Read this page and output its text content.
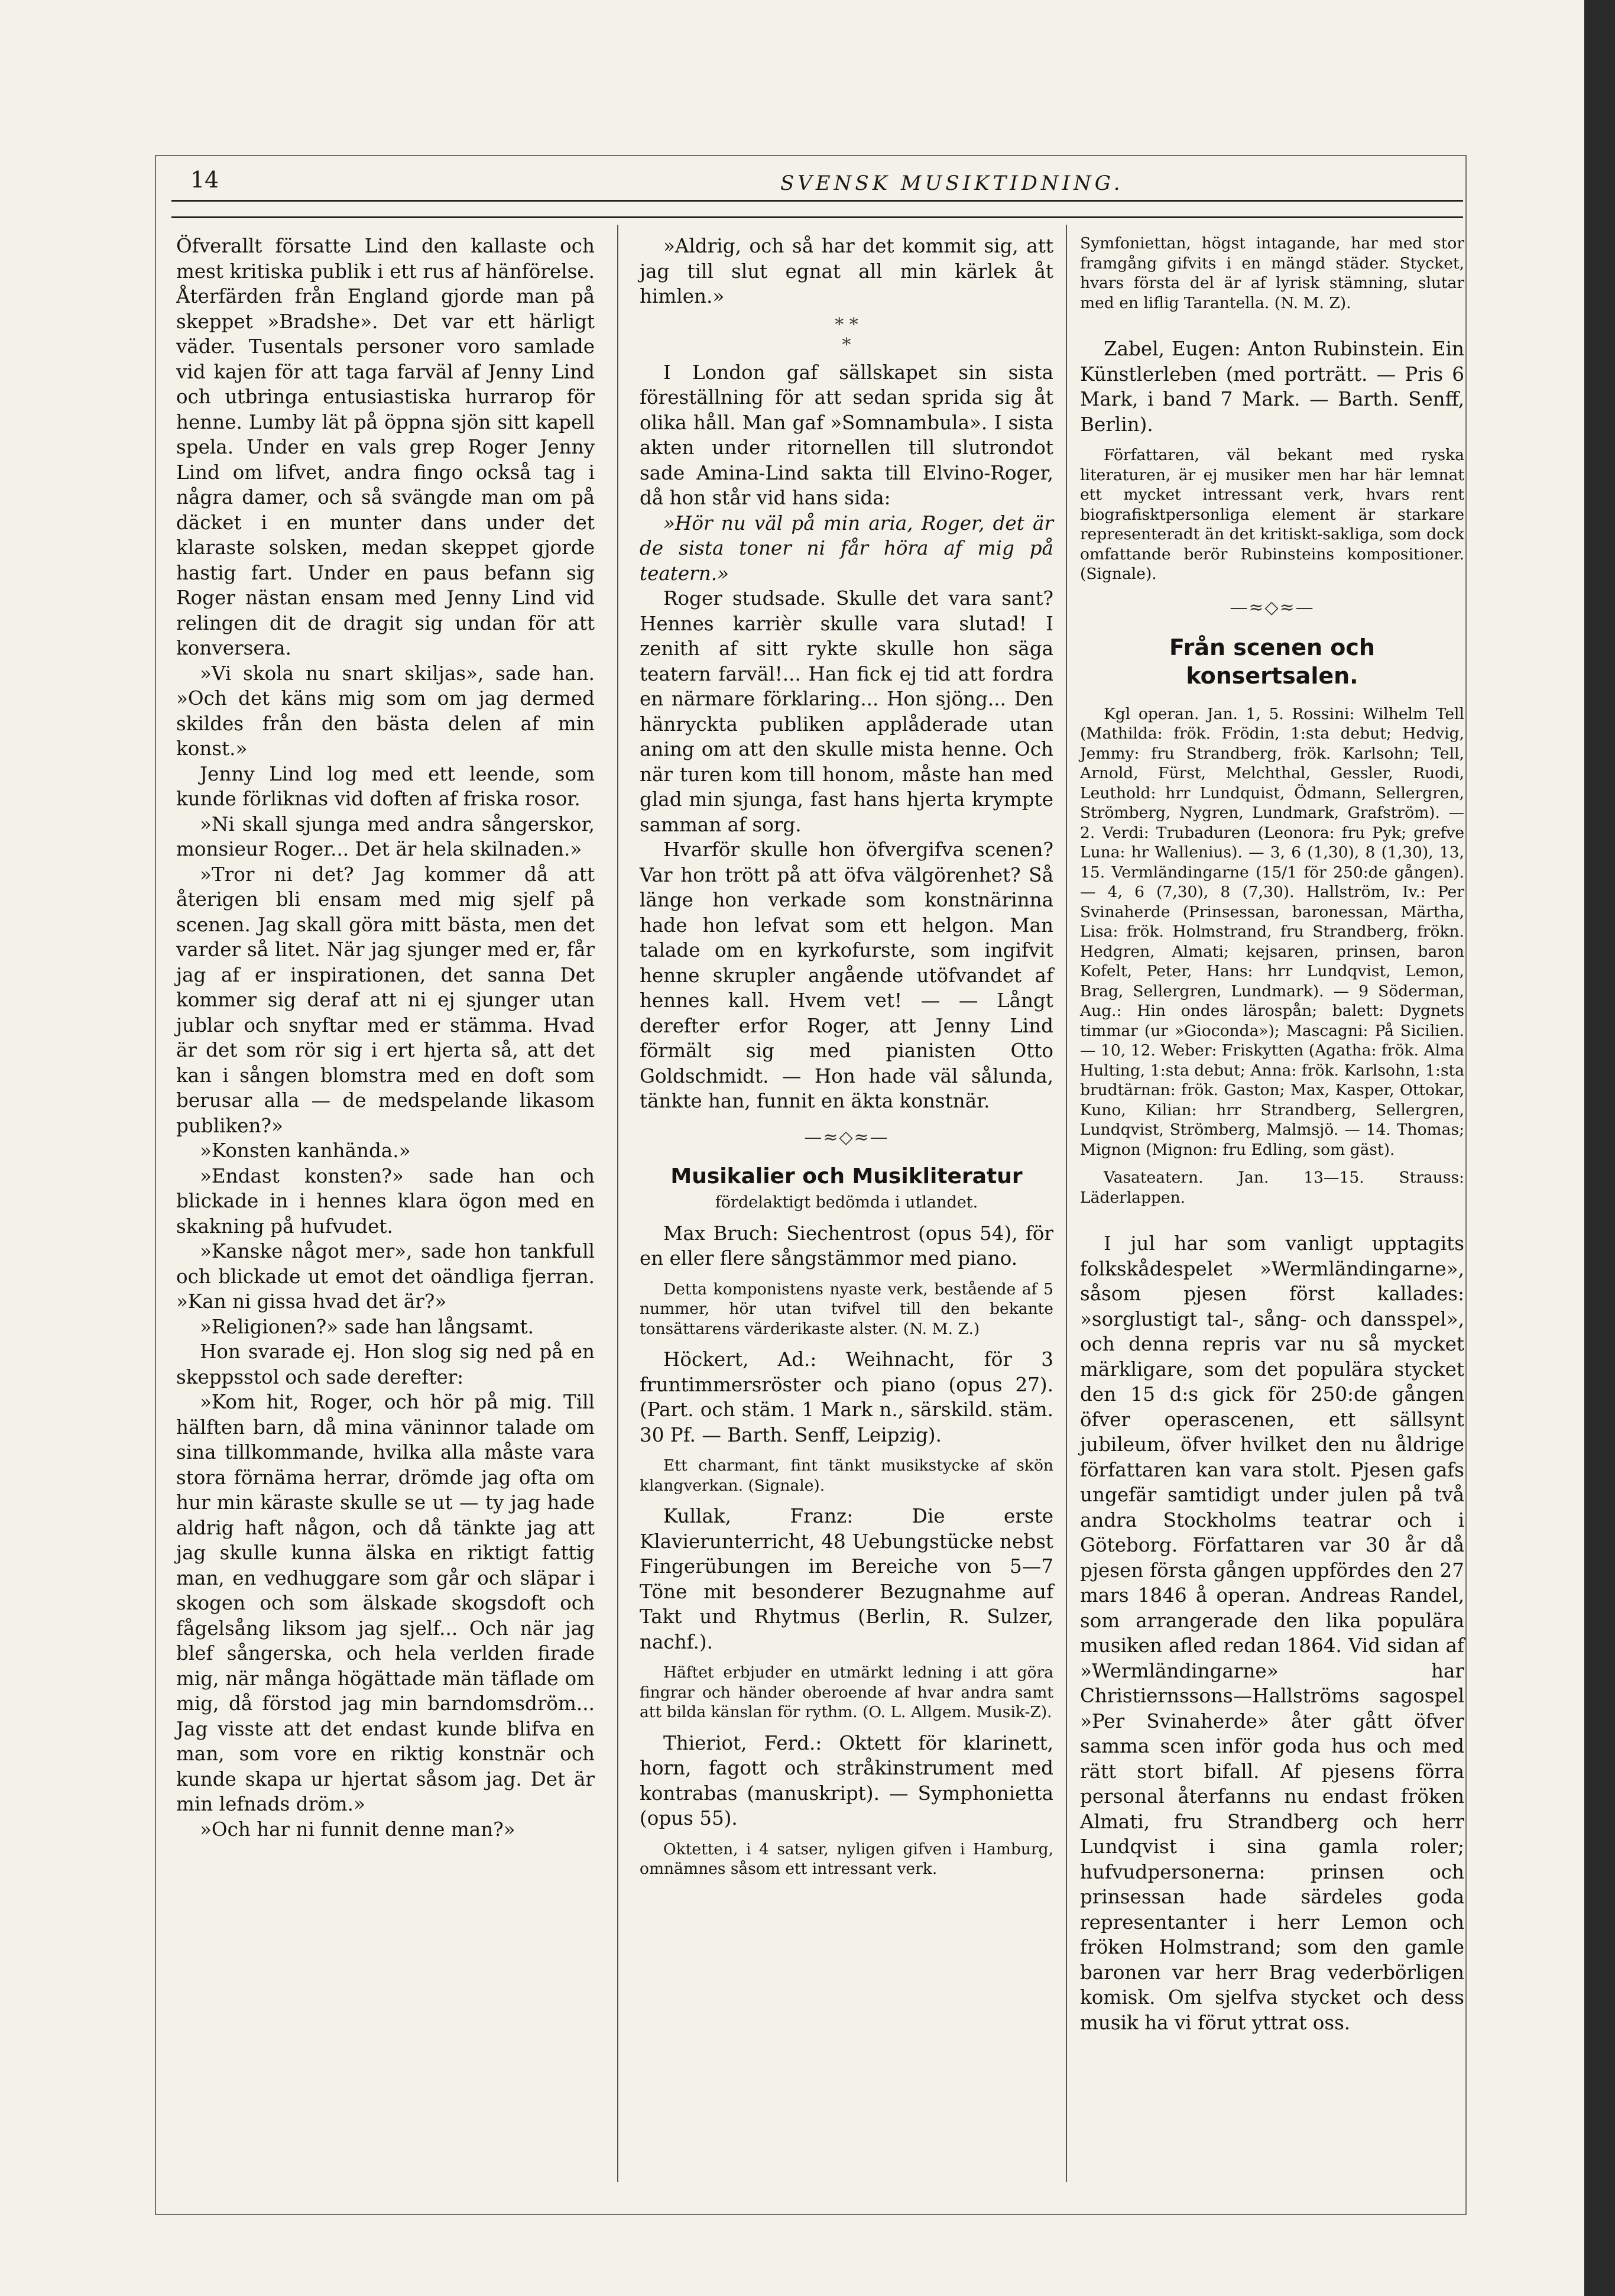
14	SVENSK MUSIKTIDNING.

Öfverallt försatte Lind den kallaste och mest kritiska publik i ett rus af hänförelse. Återfärden från England gjorde man på skeppet »Bradshe». Det var ett härligt väder. Tusentals personer voro samlade vid kajen för att taga farväl af Jenny Lind och utbringa entusiastiska hurrarop för henne. Lumby lät på öppna sjön sitt kapell spela. Under en vals grep Roger Jenny Lind om lifvet, andra fingo också tag i några damer, och så svängde man om på däcket i en munter dans under det klaraste solsken, medan skeppet gjorde hastig fart. Under en paus befann sig Roger nästan ensam med Jenny Lind vid relingen dit de dragit sig undan för att konversera.

»Vi skola nu snart skiljas», sade han. »Och det käns mig som om jag dermed skildes från den bästa delen af min konst.»

Jenny Lind log med ett leende, som kunde förliknas vid doften af friska rosor.

»Ni skall sjunga med andra sångerskor, monsieur Roger... Det är hela skilnaden.»

»Tror ni det? Jag kommer då att återigen bli ensam med mig sjelf på scenen. Jag skall göra mitt bästa, men det varder så litet. När jag sjunger med er, får jag af er inspirationen, det sanna Det kommer sig deraf att ni ej sjunger utan jublar och snyftar med er stämma. Hvad är det som rör sig i ert hjerta så, att det kan i sången blomstra med en doft som berusar alla — de medspelande likasom publiken?»

»Konsten kanhända.»

»Endast konsten?» sade han och blickade in i hennes klara ögon med en skakning på hufvudet.

»Kanske något mer», sade hon tankfull och blickade ut emot det oändliga fjerran. »Kan ni gissa hvad det är?»

»Religionen?» sade han långsamt.

Hon svarade ej. Hon slog sig ned på en skeppsstol och sade derefter:

»Kom hit, Roger, och hör på mig. Till hälften barn, då mina väninnor talade om sina tillkommande, hvilka alla måste vara stora förnäma herrar, drömde jag ofta om hur min käraste skulle se ut — ty jag hade aldrig haft någon, och då tänkte jag att jag skulle kunna älska en riktigt fattig man, en vedhuggare som går och släpar i skogen och som älskade skogsdoft och fågelsång liksom jag sjelf... Och när jag blef sångerska, och hela verlden firade mig, när många högättade män täflade om mig, då förstod jag min barndomsdröm... Jag visste att det endast kunde blifva en man, som vore en riktig konstnär och kunde skapa ur hjertat såsom jag. Det är min lefnads dröm.»

»Och har ni funnit denne man?»

»Aldrig, och så har det kommit sig, att jag till slut egnat all min kärlek åt himlen.»

* *
*

I London gaf sällskapet sin sista föreställning för att sedan sprida sig åt olika håll. Man gaf »Somnambula». I sista akten under ritornellen till slutrondot sade Amina-Lind sakta till Elvino-Roger, då hon står vid hans sida:

»Hör nu väl på min aria, Roger, det är de sista toner ni får höra af mig på teatern.»

Roger studsade. Skulle det vara sant? Hennes karrièr skulle vara slutad! I zenith af sitt rykte skulle hon säga teatern farväl!... Han fick ej tid att fordra en närmare förklaring... Hon sjöng... Den hänryckta publiken applåderade utan aning om att den skulle mista henne. Och när turen kom till honom, måste han med glad min sjunga, fast hans hjerta krympte samman af sorg.

Hvarför skulle hon öfvergifva scenen? Var hon trött på att öfva välgörenhet? Så länge hon verkade som konstnärinna hade hon lefvat som ett helgon. Man talade om en kyrkofurste, som ingifvit henne skrupler angående utöfvandet af hennes kall. Hvem vet! — — Långt derefter erfor Roger, att Jenny Lind förmält sig med pianisten Otto Goldschmidt. — Hon hade väl sålunda, tänkte han, funnit en äkta konstnär.

—≈◇≈—
Musikalier och Musikliteratur
fördelaktigt bedömda i utlandet.

Max Bruch: Siechentrost (opus 54), för en eller flere sångstämmor med piano.

Detta komponistens nyaste verk, bestående af 5 nummer, hör utan tvifvel till den bekante tonsättarens värderikaste alster. (N. M. Z.)

Höckert, Ad.: Weihnacht, för 3 fruntimmersröster och piano (opus 27). (Part. och stäm. 1 Mark n., särskild. stäm. 30 Pf. — Barth. Senff, Leipzig).

Ett charmant, fint tänkt musikstycke af skön klangverkan. (Signale).

Kullak, Franz: Die erste Klavierunterricht, 48 Uebungstücke nebst Fingerübungen im Bereiche von 5—7 Töne mit besonderer Bezugnahme auf Takt und Rhytmus (Berlin, R. Sulzer, nachf.).

Häftet erbjuder en utmärkt ledning i att göra fingrar och händer oberoende af hvar andra samt att bilda känslan för rythm. (O. L. Allgem. Musik-Z).

Thieriot, Ferd.: Oktett för klarinett, horn, fagott och stråkinstrument med kontrabas (manuskript). — Symphonietta (opus 55).

Oktetten, i 4 satser, nyligen gifven i Hamburg, omnämnes såsom ett intressant verk.

Symfoniettan, högst intagande, har med stor framgång gifvits i en mängd städer. Stycket, hvars första del är af lyrisk stämning, slutar med en liflig Tarantella. (N. M. Z).

Zabel, Eugen: Anton Rubinstein. Ein Künstlerleben (med porträtt. — Pris 6 Mark, i band 7 Mark. — Barth. Senff, Berlin).

Författaren, väl bekant med ryska literaturen, är ej musiker men har här lemnat ett mycket intressant verk, hvars rent biografisktpersonliga element är starkare representeradt än det kritiskt-sakliga, som dock omfattande berör Rubinsteins kompositioner. (Signale).

—≈◇≈—
Från scenen och konsertsalen.

Kgl operan. Jan. 1, 5. Rossini: Wilhelm Tell (Mathilda: frök. Frödin, 1:sta debut; Hedvig, Jemmy: fru Strandberg, frök. Karlsohn; Tell, Arnold, Fürst, Melchthal, Gessler, Ruodi, Leuthold: hrr Lundquist, Ödmann, Sellergren, Strömberg, Nygren, Lundmark, Grafström). — 2. Verdi: Trubaduren (Leonora: fru Pyk; grefve Luna: hr Wallenius). — 3, 6 (1,30), 8 (1,30), 13, 15. Vermländingarne (15/1 för 250:de gången). — 4, 6 (7,30), 8 (7,30). Hallström, Iv.: Per Svinaherde (Prinsessan, baronessan, Märtha, Lisa: frök. Holmstrand, fru Strandberg, frökn. Hedgren, Almati; kejsaren, prinsen, baron Kofelt, Peter, Hans: hrr Lundqvist, Lemon, Brag, Sellergren, Lundmark). — 9 Söderman, Aug.: Hin ondes lärospån; balett: Dygnets timmar (ur »Gioconda»); Mascagni: På Sicilien. — 10, 12. Weber: Friskytten (Agatha: frök. Alma Hulting, 1:sta debut; Anna: frök. Karlsohn, 1:sta brudtärnan: frök. Gaston; Max, Kasper, Ottokar, Kuno, Kilian: hrr Strandberg, Sellergren, Lundqvist, Strömberg, Malmsjö. — 14. Thomas; Mignon (Mignon: fru Edling, som gäst).

Vasateatern. Jan. 13—15. Strauss: Läderlappen.

I jul har som vanligt upptagits folkskådespelet »Wermländingarne», såsom pjesen först kallades: »sorglustigt tal-, sång- och dansspel», och denna repris var nu så mycket märkligare, som det populära stycket den 15 d:s gick för 250:de gången öfver operascenen, ett sällsynt jubileum, öfver hvilket den nu åldrige författaren kan vara stolt. Pjesen gafs ungefär samtidigt under julen på två andra Stockholms teatrar och i Göteborg. Författaren var 30 år då pjesen första gången uppfördes den 27 mars 1846 å operan. Andreas Randel, som arrangerade den lika populära musiken afled redan 1864. Vid sidan af »Wermländingarne» har Christiernssons—Hallströms sagospel »Per Svinaherde» åter gått öfver samma scen inför goda hus och med rätt stort bifall. Af pjesens förra personal återfanns nu endast fröken Almati, fru Strandberg och herr Lundqvist i sina gamla roler; hufvudpersonerna: prinsen och prinsessan hade särdeles goda representanter i herr Lemon och fröken Holmstrand; som den gamle baronen var herr Brag vederbörligen komisk. Om sjelfva stycket och dess musik ha vi förut yttrat oss.
